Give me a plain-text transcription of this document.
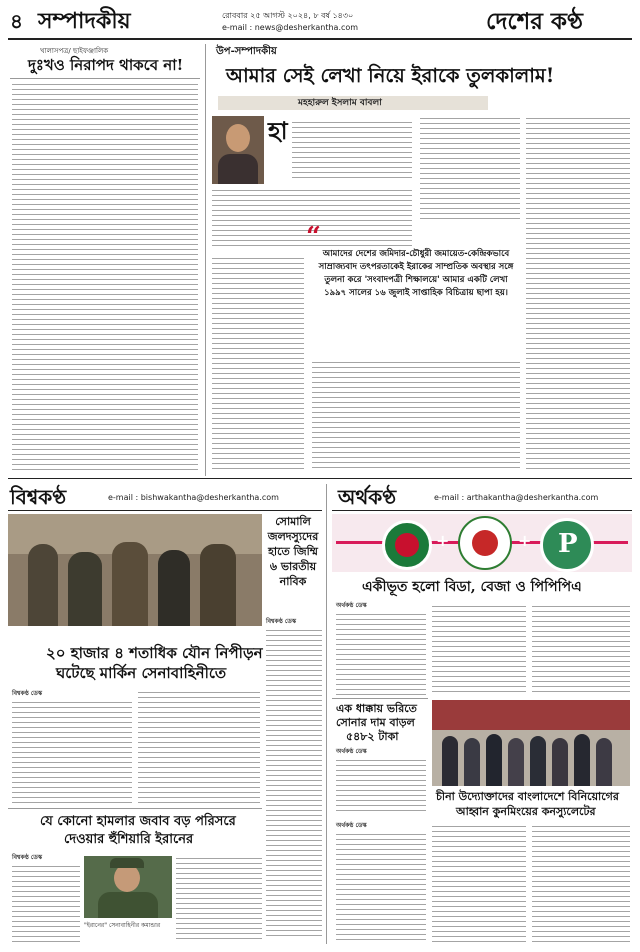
৪ সম্পাদকীয়	রোববার ২৫ আগস্ট ২০২৪, ৮ বর্ষ ১৪৩০
e-mail : news@desherkantha.com	দেশের কণ্ঠ
খালাসপত্র/ ছাইফঞ্জালিক
দুঃখও নিরাপদ থাকবে না!
উপ-সম্পাদকীয়
আমার সেই লেখা নিয়ে ইরাকে তুলকালাম!
মহহারুল ইসলাম বাবলা
হা
“
আমাদের দেশের জমিদার-চৌধুরী জমায়েত-কেন্দ্রিকভাবে সাম্রাজ্যবাদ তৎপরতাকেই ইরাকের সাম্প্রতিক অবস্থার সঙ্গে তুলনা করে 'সংবাদপত্রী শিক্ষালয়ে' আমার একটি লেখা ১৯৯৭ সালের ১৬ জুলাই সাপ্তাহিক বিচিত্রায় ছাপা হয়।
বিশ্বকণ্ঠ	e-mail : bishwakantha@desherkantha.com
সোমালি
জলদস্যুদের
হাতে জিম্মি
৬ ভারতীয়
নাবিক
বিশ্বকণ্ঠ ডেস্ক
২০ হাজার ৪ শতাধিক যৌন নিপীড়ন
ঘটেছে মার্কিন সেনাবাহিনীতে
বিশ্বকণ্ঠ ডেস্ক
যে কোনো হামলার জবাব বড় পরিসরে
দেওয়ার হুঁশিয়ারি ইরানের
বিশ্বকণ্ঠ ডেস্ক
"ইরানের" সেনাবাহিনীর কমান্ডার
অর্থকণ্ঠ	e-mail : arthakantha@desherkantha.com
+	+ P
একীভূত হলো বিডা, বেজা ও পিপিপিএ
অর্থকণ্ঠ ডেস্ক
এক ধাক্কায় ভরিতে
সোনার দাম বাড়ল
৫৪৮২ টাকা
অর্থকণ্ঠ ডেস্ক
চীনা উদ্যোক্তাদের বাংলাদেশে বিনিয়োগের
আহ্বান কুনমিংয়ের কনস্যুলেটের
অর্থকণ্ঠ ডেস্ক
